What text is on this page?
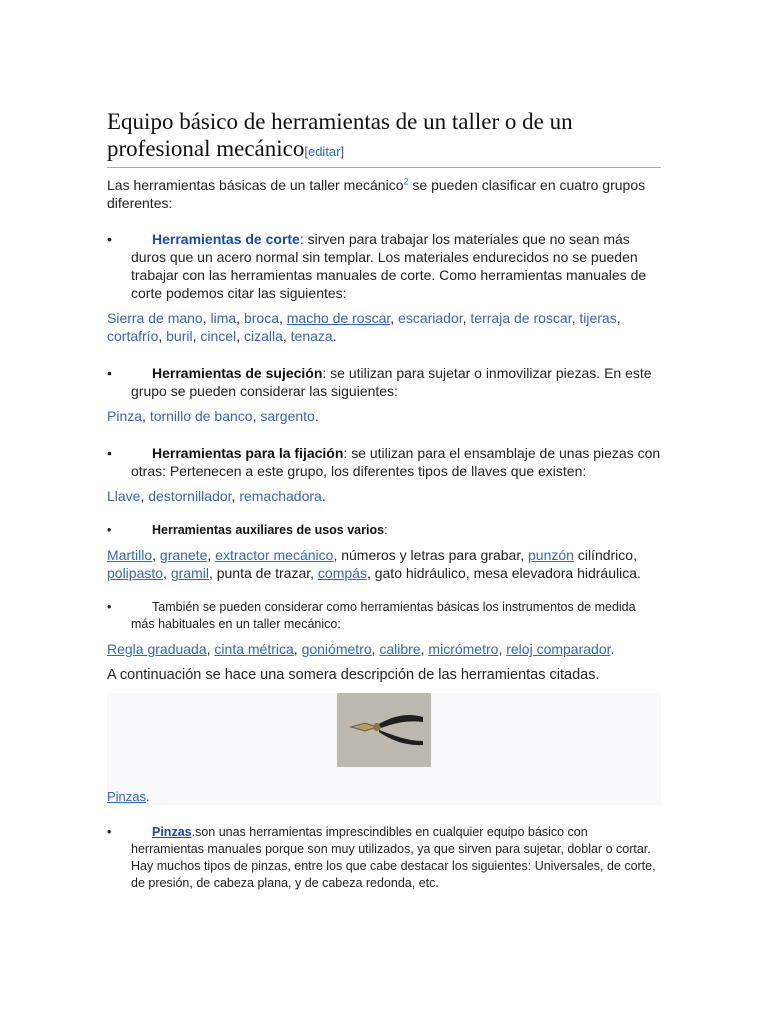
Equipo básico de herramientas de un taller o de un
profesional mecánico[editar]

Las herramientas básicas de un taller mecánico$^2$ se pueden clasificar en cuatro grupos diferentes:

•	Herramientas de corte: sirven para trabajar los materiales que no sean más duros que un acero normal sin templar. Los materiales endurecidos no se pueden trabajar con las herramientas manuales de corte. Como herramientas manuales de corte podemos citar las siguientes:

Sierra de mano, lima, broca, macho de roscar, escariador, terraja de roscar, tijeras, cortafrío, buril, cincel, cizalla, tenaza.

•	Herramientas de sujeción: se utilizan para sujetar o inmovilizar piezas. En este grupo se pueden considerar las siguientes:

Pinza, tornillo de banco, sargento.

•	Herramientas para la fijación: se utilizan para el ensamblaje de unas piezas con otras: Pertenecen a este grupo, los diferentes tipos de llaves que existen:

Llave, destornillador, remachadora.

•	Herramientas auxiliares de usos varios:

Martillo, granete, extractor mecánico, números y letras para grabar, punzón cilíndrico, polipasto, gramil, punta de trazar, compás, gato hidráulico, mesa elevadora hidráulica.

•	También se pueden considerar como herramientas básicas los instrumentos de medida más habituales en un taller mecánico:

Regla graduada, cinta métrica, goniómetro, calibre, micrómetro, reloj comparador.

A continuación se hace una somera descripción de las herramientas citadas.

Pinzas.
•	Pinzas.son unas herramientas imprescindibles en cualquier equipo básico con herramientas manuales porque son muy utilizados, ya que sirven para sujetar, doblar o cortar. Hay muchos tipos de pinzas, entre los que cabe destacar los siguientes: Universales, de corte, de presión, de cabeza plana, y de cabeza redonda, etc.
